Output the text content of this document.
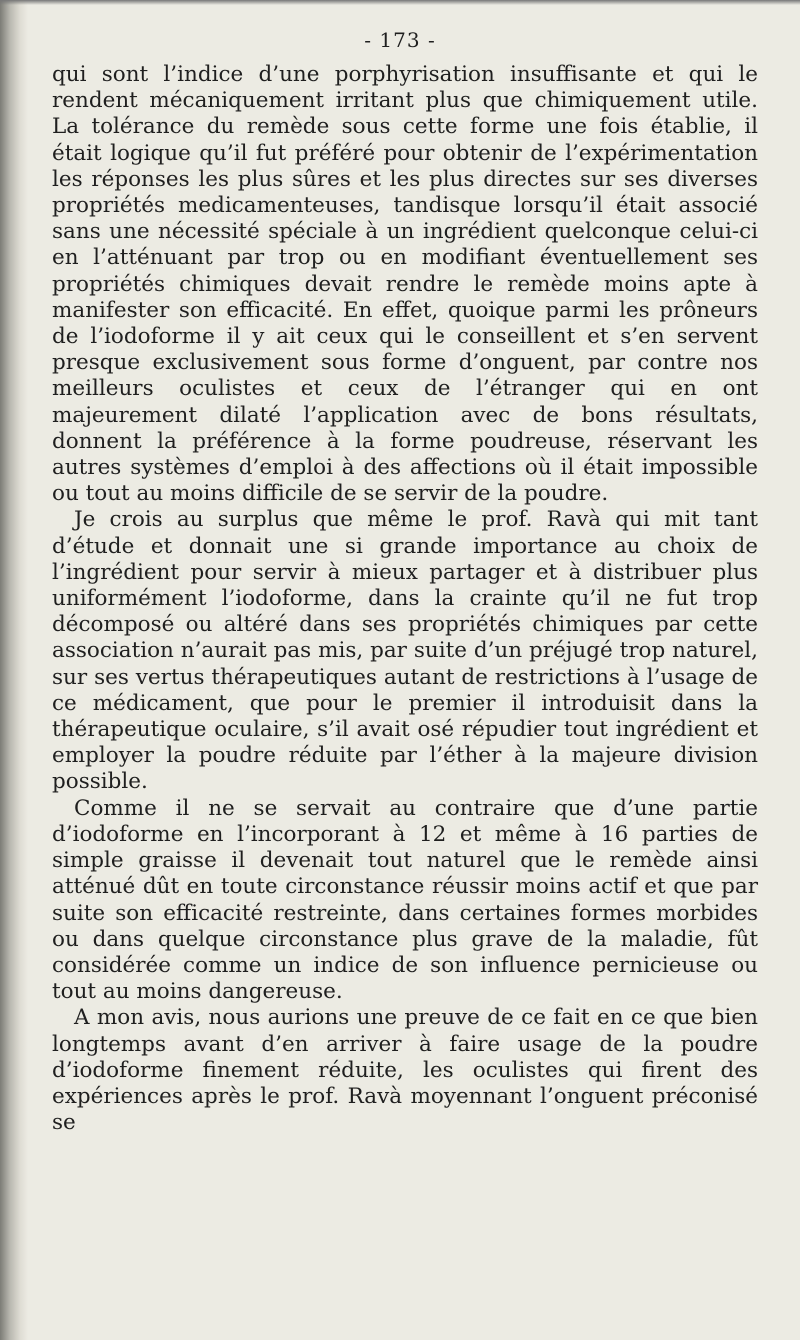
- 173 -

qui sont l’indice d’une porphyrisation insuffisante et qui le rendent mécaniquement irritant plus que chimiquement utile. La tolérance du remède sous cette forme une fois établie, il était logique qu’il fut préféré pour obtenir de l’expérimentation les réponses les plus sûres et les plus directes sur ses diverses propriétés medicamenteuses, tandisque lorsqu’il était associé sans une nécessité spéciale à un ingrédient quelconque celui-ci en l’atténuant par trop ou en modifiant éventuellement ses propriétés chimiques devait rendre le remède moins apte à manifester son efficacité. En effet, quoique parmi les prôneurs de l’iodoforme il y ait ceux qui le conseillent et s’en servent presque exclusivement sous forme d’onguent, par contre nos meilleurs oculistes et ceux de l’étranger qui en ont majeurement dilaté l’application avec de bons résultats, donnent la préférence à la forme poudreuse, réservant les autres systèmes d’emploi à des affections où il était impossible ou tout au moins difficile de se servir de la poudre.

Je crois au surplus que même le prof. Ravà qui mit tant d’étude et donnait une si grande importance au choix de l’ingrédient pour servir à mieux partager et à distribuer plus uniformément l’iodoforme, dans la crainte qu’il ne fut trop décomposé ou altéré dans ses propriétés chimiques par cette association n’aurait pas mis, par suite d’un préjugé trop naturel, sur ses vertus thérapeutiques autant de restrictions à l’usage de ce médicament, que pour le premier il introduisit dans la thérapeutique oculaire, s’il avait osé répudier tout ingrédient et employer la poudre réduite par l’éther à la majeure division possible.

Comme il ne se servait au contraire que d’une partie d’iodoforme en l’incorporant à 12 et même à 16 parties de simple graisse il devenait tout naturel que le remède ainsi atténué dût en toute circonstance réussir moins actif et que par suite son efficacité restreinte, dans certaines formes morbides ou dans quelque circonstance plus grave de la maladie, fût considérée comme un indice de son influence pernicieuse ou tout au moins dangereuse.

A mon avis, nous aurions une preuve de ce fait en ce que bien longtemps avant d’en arriver à faire usage de la poudre d’iodoforme finement réduite, les oculistes qui firent des expériences après le prof. Ravà moyennant l’onguent préconisé se
